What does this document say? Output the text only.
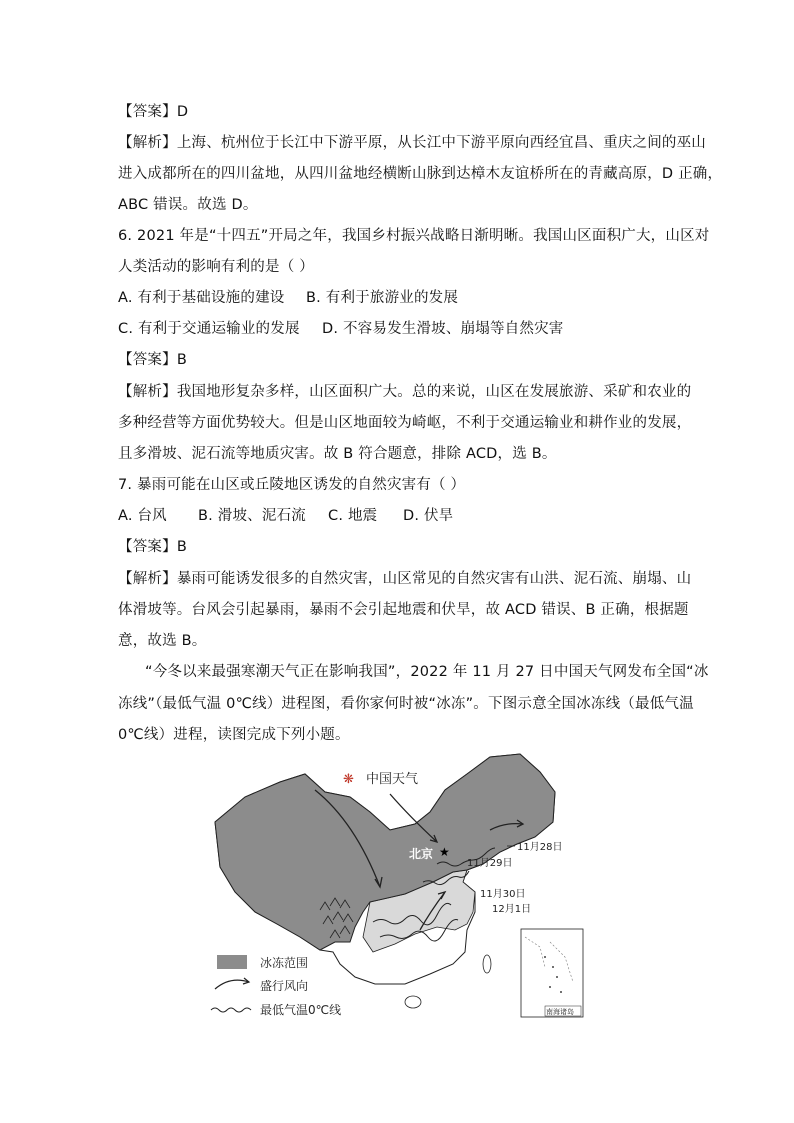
【答案】D
【解析】上海、杭州位于长江中下游平原，从长江中下游平原向西经宜昌、重庆之间的巫山
进入成都所在的四川盆地，从四川盆地经横断山脉到达樟木友谊桥所在的青藏高原，D 正确，
ABC 错误。故选 D。
6. 2021 年是“十四五”开局之年，我国乡村振兴战略日渐明晰。我国山区面积广大，山区对
人类活动的影响有利的是（ ）
A. 有利于基础设施的建设 B. 有利于旅游业的发展
C. 有利于交通运输业的发展 D. 不容易发生滑坡、崩塌等自然灾害
【答案】B
【解析】我国地形复杂多样，山区面积广大。总的来说，山区在发展旅游、采矿和农业的
多种经营等方面优势较大。但是山区地面较为崎岖，不利于交通运输业和耕作业的发展，
且多滑坡、泥石流等地质灾害。故 B 符合题意，排除 ACD，选 B。
7. 暴雨可能在山区或丘陵地区诱发的自然灾害有（ ）
A. 台风 B. 滑坡、泥石流 C. 地震 D. 伏旱
【答案】B
【解析】暴雨可能诱发很多的自然灾害，山区常见的自然灾害有山洪、泥石流、崩塌、山
体滑坡等。台风会引起暴雨，暴雨不会引起地震和伏旱，故 ACD 错误、B 正确，根据题
意，故选 B。
“今冬以来最强寒潮天气正在影响我国”，2022 年 11 月 27 日中国天气网发布全国“冰
冻线”（最低气温 0℃线）进程图，看你家何时被“冰冻”。下图示意全国冰冻线（最低气温
0℃线）进程，读图完成下列小题。
★
北京
❋ 中国天气
11月28日
11月29日
11月30日
12月1日
冰冻范围
盛行风向
最低气温0℃线	南海诸岛
